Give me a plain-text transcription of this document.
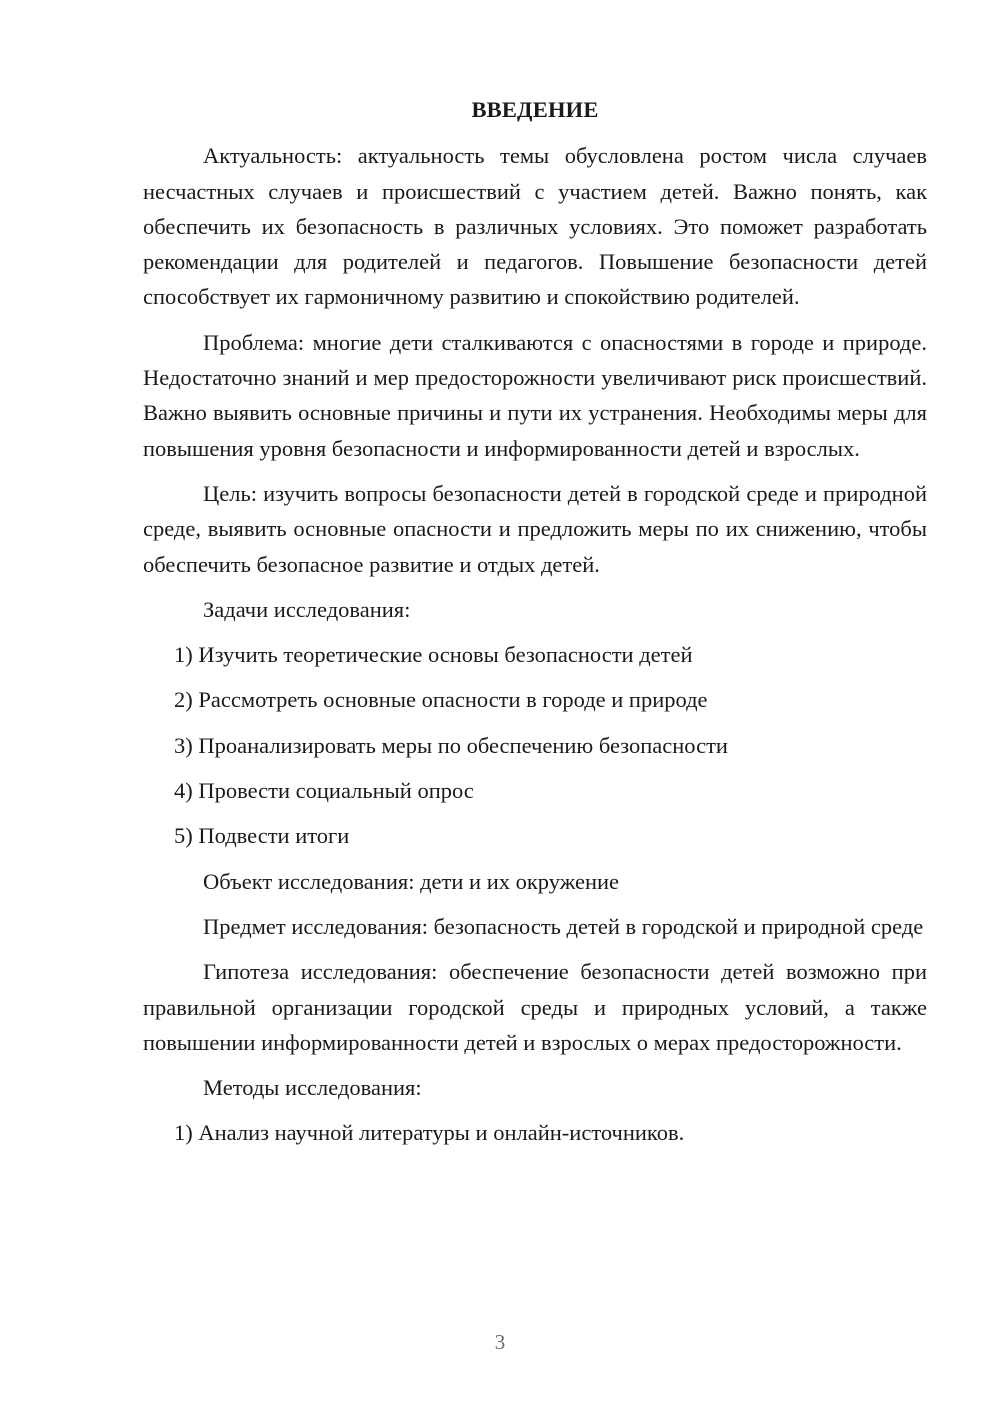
ВВЕДЕНИЕ
Актуальность: актуальность темы обусловлена ростом числа случаев несчастных случаев и происшествий с участием детей. Важно понять, как обеспечить их безопасность в различных условиях. Это поможет разработать рекомендации для родителей и педагогов. Повышение безопасности детей способствует их гармоничному развитию и спокойствию родителей.
Проблема: многие дети сталкиваются с опасностями в городе и природе. Недостаточно знаний и мер предосторожности увеличивают риск происшествий. Важно выявить основные причины и пути их устранения. Необходимы меры для повышения уровня безопасности и информированности детей и взрослых.
Цель: изучить вопросы безопасности детей в городской среде и природной среде, выявить основные опасности и предложить меры по их снижению, чтобы обеспечить безопасное развитие и отдых детей.
Задачи исследования:
1) Изучить теоретические основы безопасности детей
2) Рассмотреть основные опасности в городе и природе
3) Проанализировать меры по обеспечению безопасности
4) Провести социальный опрос
5) Подвести итоги
Объект исследования: дети и их окружение
Предмет исследования: безопасность детей в городской и природной среде
Гипотеза исследования: обеспечение безопасности детей возможно при правильной организации городской среды и природных условий, а также повышении информированности детей и взрослых о мерах предосторожности.
Методы исследования:
1) Анализ научной литературы и онлайн-источников.
3
